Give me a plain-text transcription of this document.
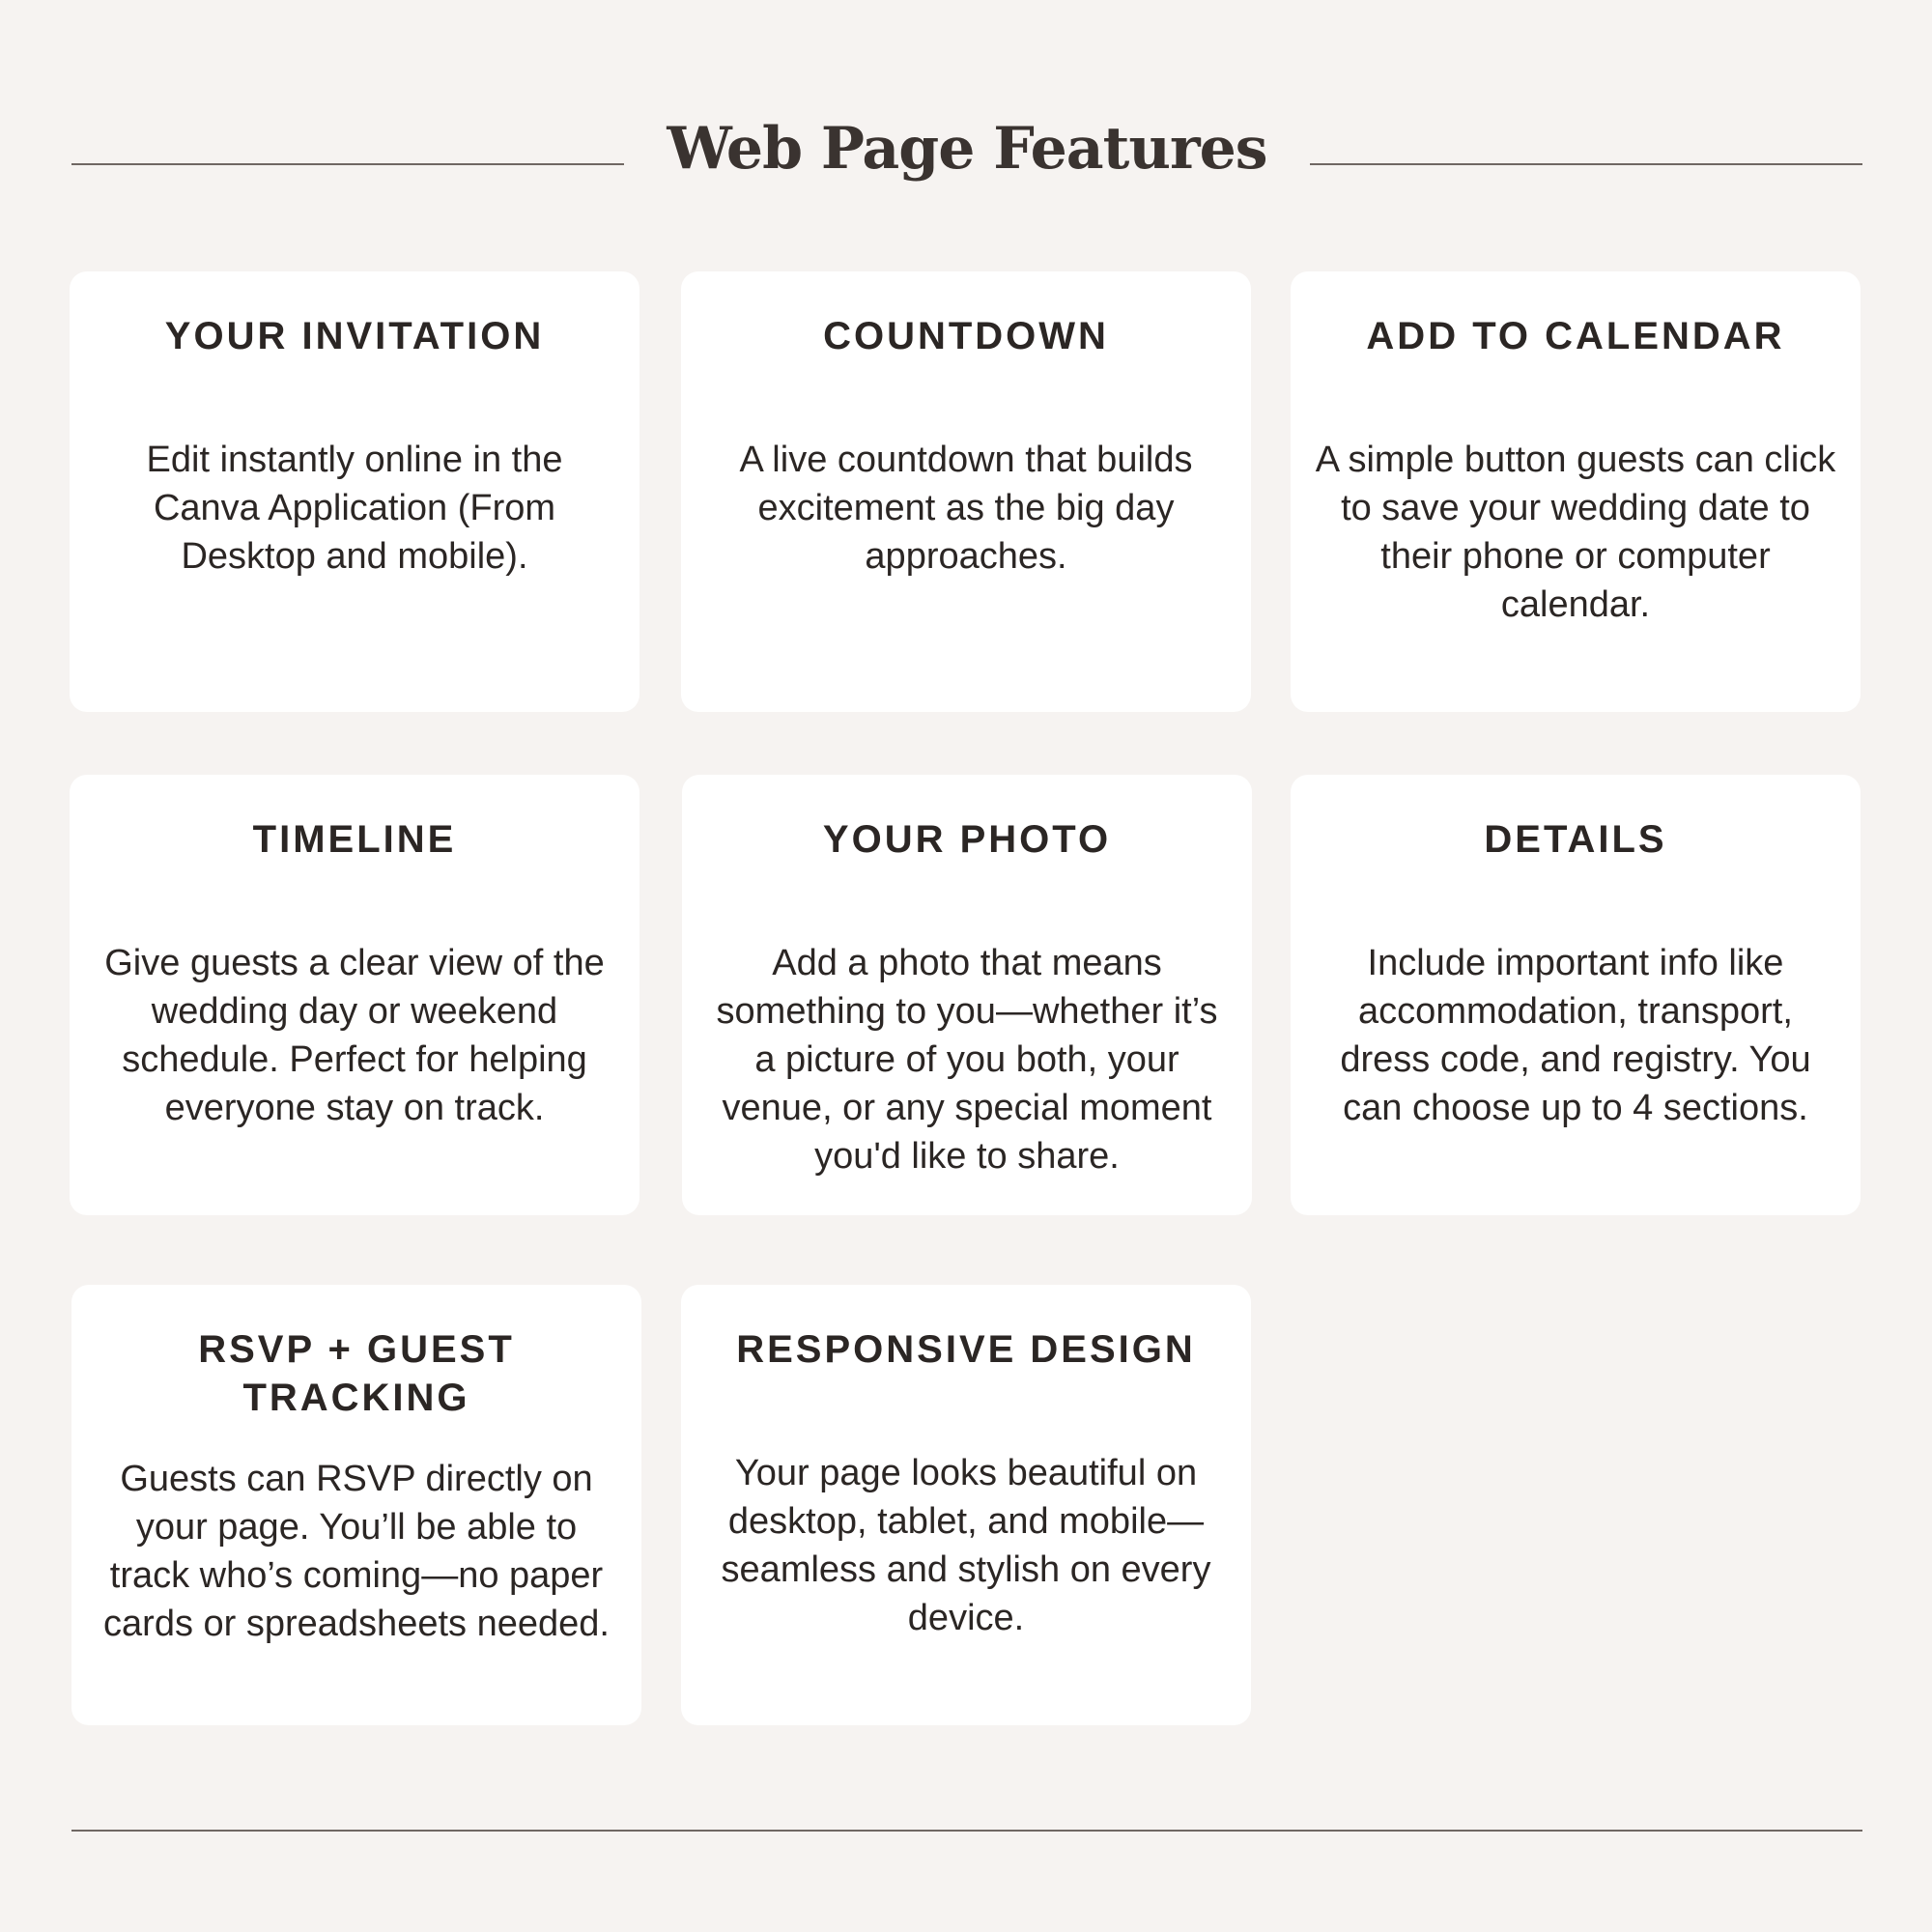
Web Page Features
YOUR INVITATION
Edit instantly online in the Canva Application (From Desktop and mobile).
COUNTDOWN
A live countdown that builds excitement as the big day approaches.
ADD TO CALENDAR
A simple button guests can click to save your wedding date to their phone or computer calendar.
TIMELINE
Give guests a clear view of the wedding day or weekend schedule. Perfect for helping everyone stay on track.
YOUR PHOTO
Add a photo that means something to you—whether it’s a picture of you both, your venue, or any special moment you'd like to share.
DETAILS
Include important info like accommodation, transport, dress code, and registry. You can choose up to 4 sections.
RSVP + GUEST TRACKING
Guests can RSVP directly on your page. You’ll be able to track who’s coming—no paper cards or spreadsheets needed.
RESPONSIVE DESIGN
Your page looks beautiful on desktop, tablet, and mobile—seamless and stylish on every device.
